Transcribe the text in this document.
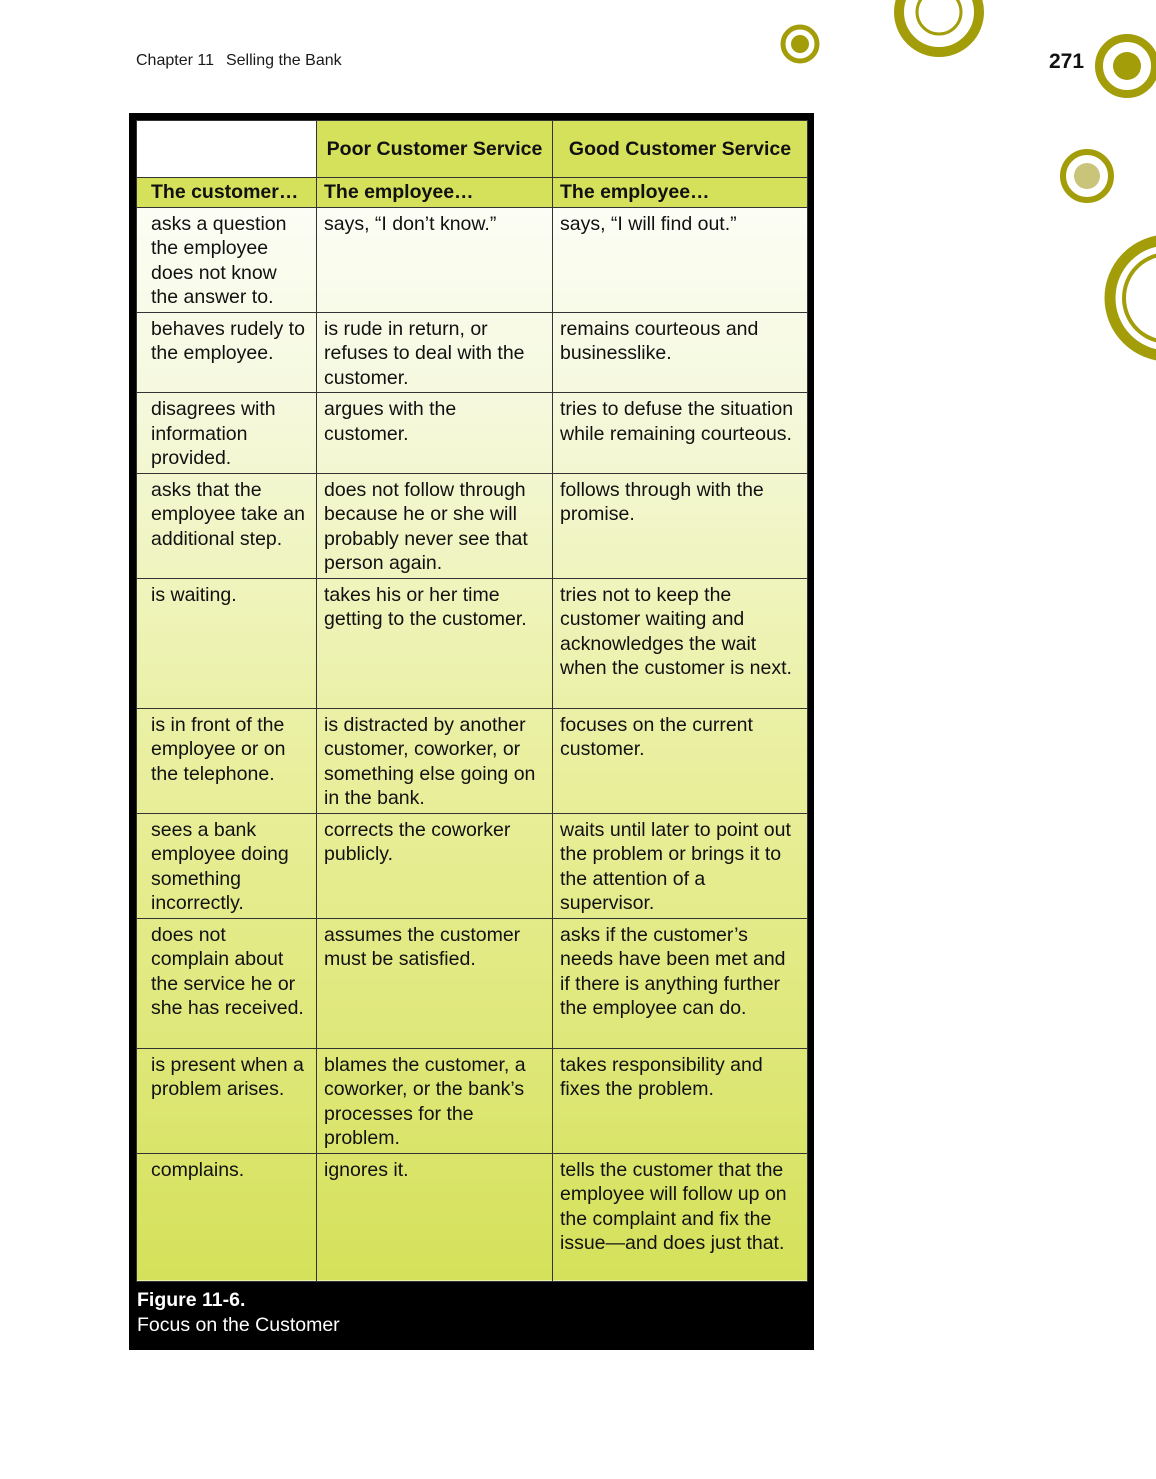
Chapter 11 Selling the Bank	271
	Poor Customer Service	Good Customer Service
The customer…	The employee…	The employee…
asks a question the employee does not know the answer to.	says, “I don’t know.”	says, “I will find out.”
behaves rudely to the employee.	is rude in return, or refuses to deal with the customer.	remains courteous and businesslike.
disagrees with information provided.	argues with the customer.	tries to defuse the situation while remaining courteous.
asks that the employee take an additional step.	does not follow through because he or she will probably never see that person again.	follows through with the promise.
is waiting.	takes his or her time getting to the customer.	tries not to keep the customer waiting and acknowledges the wait when the customer is next.
is in front of the employee or on the telephone.	is distracted by another customer, coworker, or something else going on in the bank.	focuses on the current customer.
sees a bank employee doing something incorrectly.	corrects the coworker publicly.	waits until later to point out the problem or brings it to the attention of a supervisor.
does not complain about the service he or she has received.	assumes the customer must be satisfied.	asks if the customer’s needs have been met and if there is anything further the employee can do.
is present when a problem arises.	blames the customer, a coworker, or the bank’s processes for the problem.	takes responsibility and fixes the problem.
complains.	ignores it.	tells the customer that the employee will follow up on the complaint and fix the issue—and does just that.
Figure 11-6.
Focus on the Customer
